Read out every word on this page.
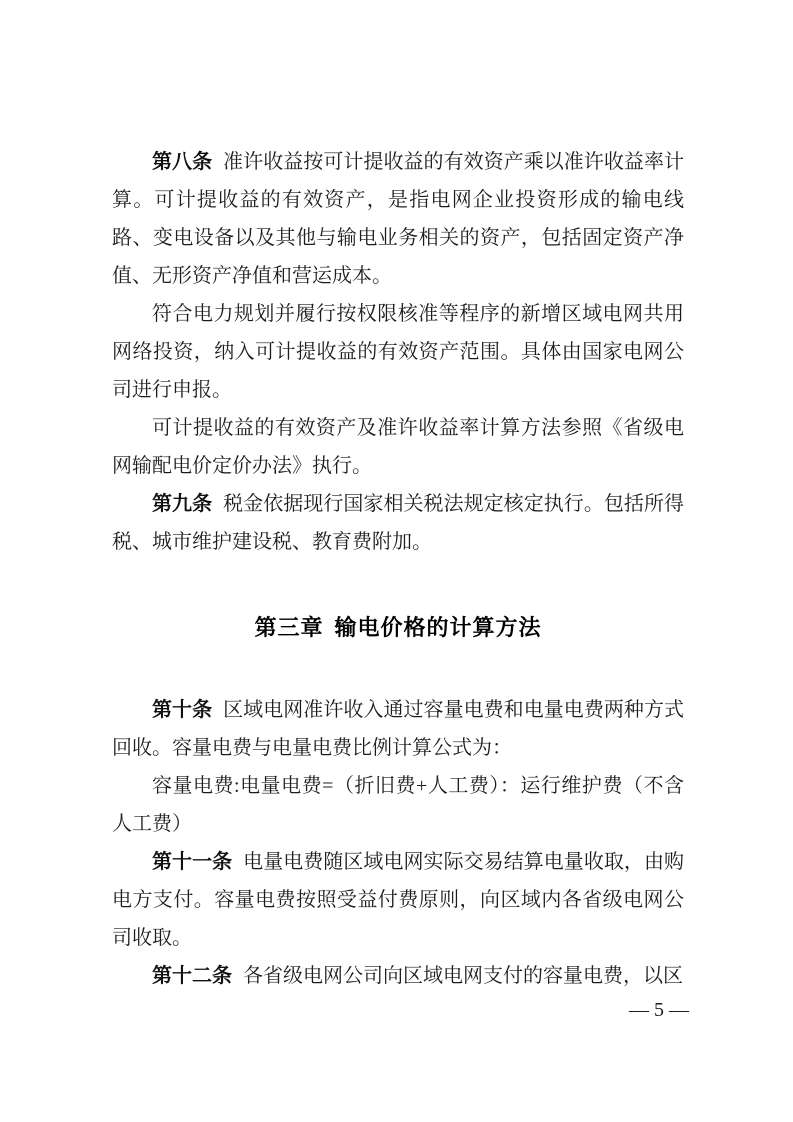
第八条 准许收益按可计提收益的有效资产乘以准许收益率计算。可计提收益的有效资产，是指电网企业投资形成的输电线路、变电设备以及其他与输电业务相关的资产，包括固定资产净值、无形资产净值和营运成本。

符合电力规划并履行按权限核准等程序的新增区域电网共用网络投资，纳入可计提收益的有效资产范围。具体由国家电网公司进行申报。

可计提收益的有效资产及准许收益率计算方法参照《省级电网输配电价定价办法》执行。

第九条 税金依据现行国家相关税法规定核定执行。包括所得税、城市维护建设税、教育费附加。

第三章 输电价格的计算方法

第十条 区域电网准许收入通过容量电费和电量电费两种方式回收。容量电费与电量电费比例计算公式为：

容量电费:电量电费=（折旧费+人工费）：运行维护费（不含人工费）

第十一条 电量电费随区域电网实际交易结算电量收取，由购电方支付。容量电费按照受益付费原则，向区域内各省级电网公司收取。

第十二条 各省级电网公司向区域电网支付的容量电费，以区

— 5 —
